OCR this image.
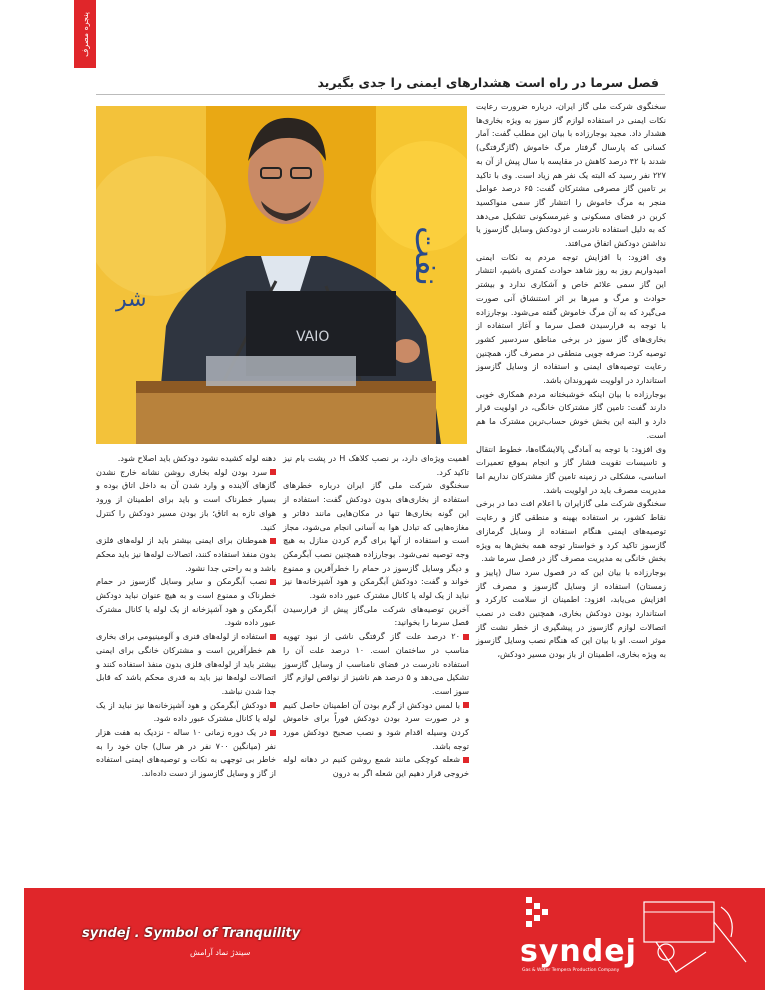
پنجره مصرف
فصل سرما در راه است هشدارهای ایمنی را جدی بگیرید
نفت
شر
VAIO
سخنگوی شرکت ملی گاز ایران، درباره ضرورت رعایت نکات ایمنی در استفاده لوازم گاز سوز به ویژه بخاری‌ها هشدار داد. مجید بوجارزاده با بیان این مطلب گفت: آمار کسانی که پارسال گرفتار مرگ خاموش (گازگرفتگی) شدند با ۴۲ درصد کاهش در مقایسه با سال پیش از آن به ۲۲۷ نفر رسید که البته یک نفر هم زیاد است. وی با تاکید بر تامین گاز مصرفی مشترکان گفت: ۶۵ درصد عوامل منجر به مرگ خاموش را انتشار گاز سمی منواکسید کربن در فضای مسکونی و غیرمسکونی تشکیل می‌دهد که به دلیل استفاده نادرست از دودکش وسایل گازسوز یا نداشتن دودکش اتفاق می‌افتد.
وی افزود: با افزایش توجه مردم به نکات ایمنی امیدواریم روز به روز شاهد حوادث کمتری باشیم، انتشار این گاز سمی علائم خاص و آشکاری ندارد و بیشتر حوادث و مرگ و میرها بر اثر استنشاق آنی صورت می‌گیرد که به آن مرگ خاموش گفته می‌شود. بوجارزاده با توجه به فرارسیدن فصل سرما و آغاز استفاده از بخاری‌های گاز سوز در برخی مناطق سردسیر کشور توصیه کرد: صرفه جویی منطقی در مصرف گاز، همچنین رعایت توصیه‌های ایمنی و استفاده از وسایل گازسوز استاندارد در اولویت شهروندان باشد.
بوجارزاده با بیان اینکه خوشبختانه مردم همکاری خوبی دارند گفت: تامین گاز مشترکان خانگی، در اولویت قرار دارد و البته این بخش خوش حساب‌ترین مشترک ما هم است.
وی افزود: با توجه به آمادگی پالایشگاه‌ها، خطوط انتقال و تاسیسات تقویت فشار گاز و انجام بموقع تعمیرات اساسی، مشکلی در زمینه تامین گاز مشترکان نداریم اما مدیریت مصرف باید در اولویت باشد.
سخنگوی شرکت ملی گازایران با اعلام افت دما در برخی نقاط کشور، بر استفاده بهینه و منطقی گاز و رعایت توصیه‌های ایمنی هنگام استفاده از وسایل گرمازای گازسوز تاکید کرد و خواستار توجه همه بخش‌ها به ویژه بخش خانگی به مدیریت مصرف گاز در فصل سرما شد.
بوجارزاده با بیان این که در فصول سرد سال (پاییز و زمستان) استفاده از وسایل گازسوز و مصرف گاز افزایش می‌یابد، افزود: اطمینان از سلامت کارکرد و استاندارد بودن دودکش بخاری، همچنین دقت در نصب اتصالات لوازم گازسوز در پیشگیری از خطر نشت گاز موثر است. او با بیان این که هنگام نصب وسایل گازسوز به ویژه بخاری، اطمینان از باز بودن مسیر دودکش،

اهمیت ویژه‌ای دارد، بر نصب کلاهک H در پشت بام نیز تاکید کرد.
سخنگوی شرکت ملی گاز ایران درباره خطرهای استفاده از بخاری‌های بدون دودکش گفت: استفاده از این گونه بخاری‌ها تنها در مکان‌هایی مانند دفاتر و مغازه‌هایی که تبادل هوا به آسانی انجام می‌شود، مجاز است و استفاده از آنها برای گرم کردن منازل به هیچ وجه توصیه نمی‌شود. بوجارزاده همچنین نصب آبگرمکن و دیگر وسایل گازسوز در حمام را خطرآفرین و ممنوع خواند و گفت: دودکش آبگرمکن و هود آشپزخانه‌ها نیز نباید از یک لوله یا کانال مشترک عبور داده شود.
آخرین توصیه‌های شرکت ملی‌گاز پیش از فرارسیدن فصل سرما را بخوانید:

۲۰ درصد علت گاز گرفتگی ناشی از نبود تهویه مناسب در ساختمان است. ۱۰ درصد علت آن را استفاده نادرست در فضای نامناسب از وسایل گازسوز تشکیل می‌دهد و ۵ درصد هم ناشیز از نواقص لوازم گاز سوز است.

با لمس دودکش از گرم بودن آن اطمینان حاصل کنیم و در صورت سرد بودن دودکش فوراً برای خاموش کردن وسیله اقدام شود و نصب صحیح دودکش مورد توجه باشد.

شعله کوچکی مانند شمع روشن کنیم در دهانه لوله خروجی قرار دهیم این شعله اگر به درون

دهنه لوله کشیده نشود دودکش باید اصلاح شود.

سرد بودن لوله بخاری روشن نشانه خارج نشدن گازهای آلاینده و وارد شدن آن به داخل اتاق بوده و بسیار خطرناک است و باید برای اطمینان از ورود هوای تازه به اتاق؛ باز بودن مسیر دودکش را کنترل کنید.

هموطنان برای ایمنی بیشتر باید از لوله‌های فلزی بدون منفذ استفاده کنند، اتصالات لوله‌ها نیز باید محکم باشد و به راحتی جدا نشود.

نصب آبگرمکن و سایر وسایل گازسوز در حمام خطرناک و ممنوع است و به هیچ عنوان نباید دودکش آبگرمکن و هود آشپزخانه از یک لوله یا کانال مشترک عبور داده شود.

استفاده از لوله‌های فنری و آلومینیومی برای بخاری هم خطرآفرین است و مشترکان خانگی برای ایمنی بیشتر باید از لوله‌های فلزی بدون منفذ استفاده کنند و اتصالات لوله‌ها نیز باید به قدری محکم باشد که قابل جدا شدن نباشد.

دودکش آبگرمکن و هود آشپزخانه‌ها نیز نباید از یک لوله یا کانال مشترک عبور داده شود.

در یک دوره زمانی ۱۰ ساله - نزدیک به هفت هزار نفر (میانگین ۷۰۰ نفر در هر سال) جان خود را به خاطر بی توجهی به نکات و توصیه‌های ایمنی استفاده از گاز و وسایل گازسوز از دست داده‌اند.

syndej . Symbol of Tranquility
سیندژ نماد آرامش	syndej
Gas & Water Tempera Production Company
